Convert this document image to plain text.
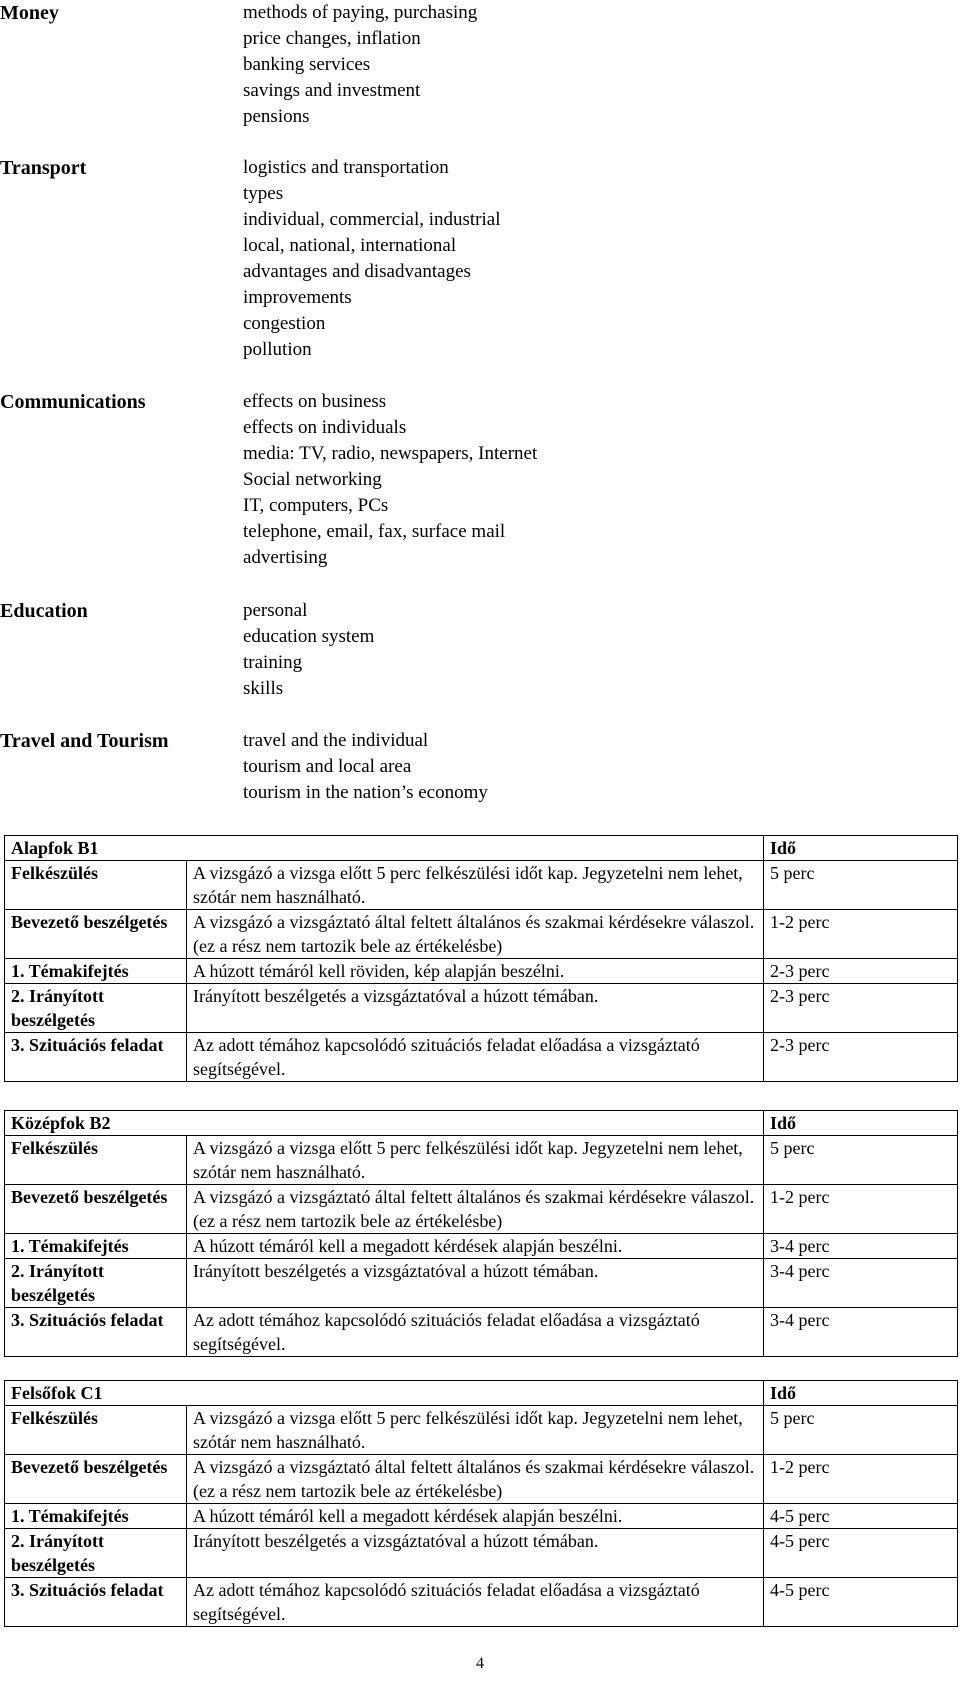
Money	methods of paying, purchasing
price changes, inflation
banking services
savings and investment
pensions
Transport	logistics and transportation
types
individual, commercial, industrial
local, national, international
advantages and disadvantages
improvements
congestion
pollution
Communications	effects on business
effects on individuals
media: TV, radio, newspapers, Internet
Social networking
IT, computers, PCs
telephone, email, fax, surface mail
advertising
Education	personal
education system
training
skills
Travel and Tourism	travel and the individual
tourism and local area
tourism in the nation’s economy
Alapfok B1		Idő
Felkészülés	A vizsgázó a vizsga előtt 5 perc felkészülési időt kap. Jegyzetelni nem lehet, szótár nem használható.	5 perc
Bevezető beszélgetés	A vizsgázó a vizsgáztató által feltett általános és szakmai kérdésekre válaszol. (ez a rész nem tartozik bele az értékelésbe)	1-2 perc
1. Témakifejtés	A húzott témáról kell röviden, kép alapján beszélni.	2-3 perc
2. Irányított beszélgetés	Irányított beszélgetés a vizsgáztatóval a húzott témában.	2-3 perc
3. Szituációs feladat	Az adott témához kapcsolódó szituációs feladat előadása a vizsgáztató segítségével.	2-3 perc
Középfok B2		Idő
Felkészülés	A vizsgázó a vizsga előtt 5 perc felkészülési időt kap. Jegyzetelni nem lehet, szótár nem használható.	5 perc
Bevezető beszélgetés	A vizsgázó a vizsgáztató által feltett általános és szakmai kérdésekre válaszol. (ez a rész nem tartozik bele az értékelésbe)	1-2 perc
1. Témakifejtés	A húzott témáról kell a megadott kérdések alapján beszélni.	3-4 perc
2. Irányított beszélgetés	Irányított beszélgetés a vizsgáztatóval a húzott témában.	3-4 perc
3. Szituációs feladat	Az adott témához kapcsolódó szituációs feladat előadása a vizsgáztató segítségével.	3-4 perc
Felsőfok C1		Idő
Felkészülés	A vizsgázó a vizsga előtt 5 perc felkészülési időt kap. Jegyzetelni nem lehet, szótár nem használható.	5 perc
Bevezető beszélgetés	A vizsgázó a vizsgáztató által feltett általános és szakmai kérdésekre válaszol. (ez a rész nem tartozik bele az értékelésbe)	1-2 perc
1. Témakifejtés	A húzott témáról kell a megadott kérdések alapján beszélni.	4-5 perc
2. Irányított beszélgetés	Irányított beszélgetés a vizsgáztatóval a húzott témában.	4-5 perc
3. Szituációs feladat	Az adott témához kapcsolódó szituációs feladat előadása a vizsgáztató segítségével.	4-5 perc
4
